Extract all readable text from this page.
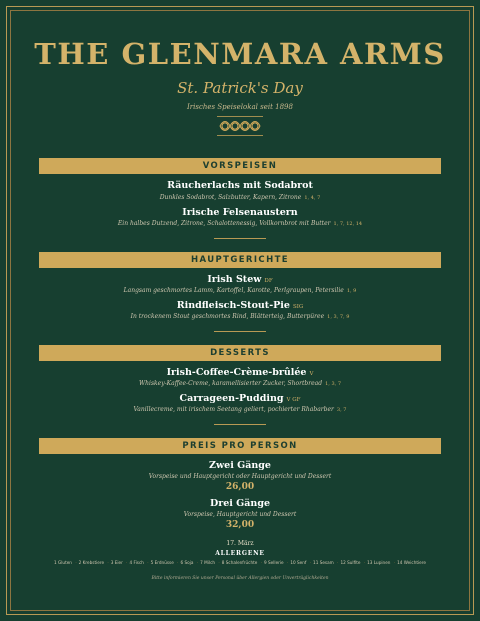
THE GLENMARA ARMS
St. Patrick's Day
Irisches Speiselokal seit 1898
VORSPEISEN
Räucherlachs mit Sodabrot
Dunkles Sodabrot, Salzbutter, Kapern, Zitrone 1, 4, 7
Irische Felsenaustern
Ein halbes Dutzend, Zitrone, Schalottenessig, Vollkornbrot mit Butter 1, 7, 12, 14
HAUPTGERICHTE
Irish Stew DF
Langsam geschmortes Lamm, Kartoffel, Karotte, Perlgraupen, Petersilie 1, 9
Rindfleisch-Stout-Pie SIG
In trockenem Stout geschmortes Rind, Blätterteig, Butterpüree 1, 3, 7, 9
DESSERTS
Irish-Coffee-Crème-brûlée V
Whiskey-Kaffee-Creme, karamellisierter Zucker, Shortbread 1, 3, 7
Carrageen-Pudding V GF
Vanillecreme, mit irischem Seetang geliert, pochierter Rhabarber 3, 7
PREIS PRO PERSON
Zwei Gänge
Vorspeise und Hauptgericht oder Hauptgericht und Dessert
26,00
Drei Gänge
Vorspeise, Hauptgericht und Dessert
32,00
17. März
ALLERGENE
1 Gluten · 2 Krebstiere · 3 Eier · 4 Fisch · 5 Erdnüsse · 6 Soja · 7 Milch · 8 Schalenfrüchte · 9 Sellerie · 10 Senf · 11 Sesam · 12 Sulfite · 13 Lupinen · 14 Weichtiere
Bitte informieren Sie unser Personal über Allergien oder Unverträglichkeiten
